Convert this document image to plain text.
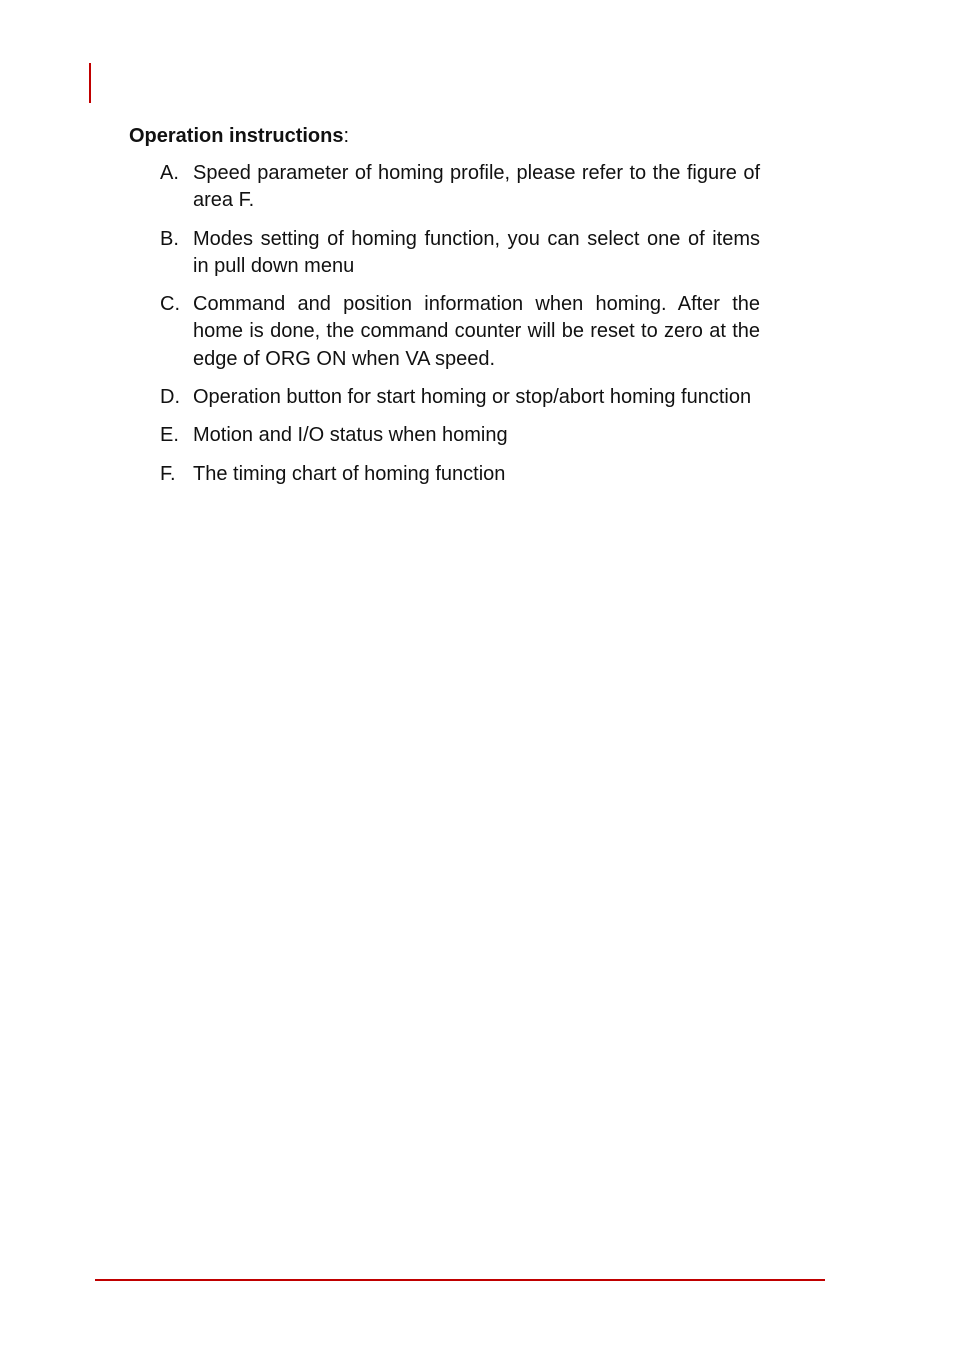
Operation instructions:
A. Speed parameter of homing profile, please refer to the figure of area F.
B. Modes setting of homing function, you can select one of items in pull down menu
C. Command and position information when homing. After the home is done, the command counter will be reset to zero at the edge of ORG ON when VA speed.
D. Operation button for start homing or stop/abort homing function
E. Motion and I/O status when homing
F. The timing chart of homing function
